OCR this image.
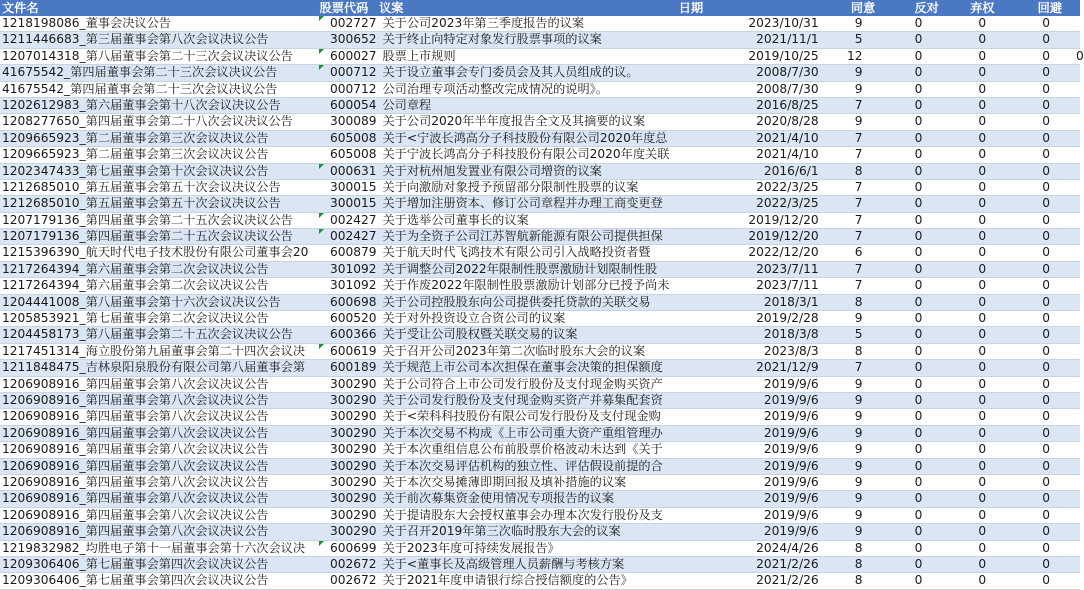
文件名	股票代码 议案	日期	同意	反对	弃权	回避
1218198086_董事会决议公告	002727 关于公司2023年第三季度报告的议案	2023/10/31	9	0	0	0
1211446683_第三届董事会第八次会议决议公告	300652 关于终止向特定对象发行股票事项的议案	2021/11/1	5	0	0	0
1207014318_第八届董事会第二十三次会议决议公告	600027 股票上市规则	2019/10/25	12	0	0	0	0
41675542_第四届董事会第二十三次会议决议公告	000712 关于设立董事会专门委员会及其人员组成的议。	2008/7/30	9	0	0	0
41675542_第四届董事会第二十三次会议决议公告	000712 公司治理专项活动整改完成情况的说明》。	2008/7/30	9	0	0	0
1202612983_第六届董事会第十八次会议决议公告	600054 公司章程	2016/8/25	7	0	0	0
1208277650_第四届董事会第二十八次会议决议公告	300089 关于公司2020年半年度报告全文及其摘要的议案	2020/8/28	9	0	0	0
1209665923_第二届董事会第三次会议决议公告	605008 关于<宁波长鸿高分子科技股份有限公司2020年度总	2021/4/10	7	0	0	0
1209665923_第二届董事会第三次会议决议公告	605008 关于宁波长鸿高分子科技股份有限公司2020年度关联	2021/4/10	7	0	0	0
1202347433_第七届董事会第十次会议决议公告	000631 关于对杭州旭发置业有限公司增资的议案	2016/6/1	8	0	0	0
1212685010_第五届董事会第五十次会议决议公告	300015 关于向激励对象授予预留部分限制性股票的议案	2022/3/25	7	0	0	0
1212685010_第五届董事会第五十次会议决议公告	300015 关于增加注册资本、修订公司章程并办理工商变更登	2022/3/25	7	0	0	0
1207179136_第四届董事会第二十五次会议决议公告	002427 关于选举公司董事长的议案	2019/12/20	7	0	0	0
1207179136_第四届董事会第二十五次会议决议公告	002427 关于为全资子公司江苏智航新能源有限公司提供担保	2019/12/20	7	0	0	0
1215396390_航天时代电子技术股份有限公司董事会20	600879 关于航天时代飞鸿技术有限公司引入战略投资者暨	2022/12/20	6	0	0	0
1217264394_第六届董事会第二次会议决议公告	301092 关于调整公司2022年限制性股票激励计划限制性股	2023/7/11	7	0	0	0
1217264394_第六届董事会第二次会议决议公告	301092 关于作废2022年限制性股票激励计划部分已授予尚未	2023/7/11	7	0	0	0
1204441008_第八届董事会第十六次会议决议公告	600698 关于公司控股股东向公司提供委托贷款的关联交易	2018/3/1	8	0	0	0
1205853921_第七届董事会第二次会议决议公告	600520 关于对外投资设立合资公司的议案	2019/2/28	9	0	0	0
1204458173_第八届董事会第二十五次会议决议公告	600366 关于受让公司股权暨关联交易的议案	2018/3/8	5	0	0	0
1217451314_海立股份第九届董事会第二十四次会议决	600619 关于召开公司2023年第二次临时股东大会的议案	2023/8/3	8	0	0	0
1211848475_吉林泉阳泉股份有限公司第八届董事会第	600189 关于规范上市公司本次担保在董事会决策的担保额度	2021/12/9	7	0	0	0
1206908916_第四届董事会第八次会议决议公告	300290 关于公司符合上市公司发行股份及支付现金购买资产	2019/9/6	9	0	0	0
1206908916_第四届董事会第八次会议决议公告	300290 关于公司发行股份及支付现金购买资产并募集配套资	2019/9/6	9	0	0	0
1206908916_第四届董事会第八次会议决议公告	300290 关于<荣科科技股份有限公司发行股份及支付现金购	2019/9/6	9	0	0	0
1206908916_第四届董事会第八次会议决议公告	300290 关于本次交易不构成《上市公司重大资产重组管理办	2019/9/6	9	0	0	0
1206908916_第四届董事会第八次会议决议公告	300290 关于本次重组信息公布前股票价格波动未达到《关于	2019/9/6	9	0	0	0
1206908916_第四届董事会第八次会议决议公告	300290 关于本次交易评估机构的独立性、评估假设前提的合	2019/9/6	9	0	0	0
1206908916_第四届董事会第八次会议决议公告	300290 关于本次交易摊薄即期回报及填补措施的议案	2019/9/6	9	0	0	0
1206908916_第四届董事会第八次会议决议公告	300290 关于前次募集资金使用情况专项报告的议案	2019/9/6	9	0	0	0
1206908916_第四届董事会第八次会议决议公告	300290 关于提请股东大会授权董事会办理本次发行股份及支	2019/9/6	9	0	0	0
1206908916_第四届董事会第八次会议决议公告	300290 关于召开2019年第三次临时股东大会的议案	2019/9/6	9	0	0	0
1219832982_均胜电子第十一届董事会第十六次会议决	600699 关于2023年度可持续发展报告》	2024/4/26	8	0	0	0
1209306406_第七届董事会第四次会议决议公告	002672 关于<董事长及高级管理人员薪酬与考核方案	2021/2/26	8	0	0	0
1209306406_第七届董事会第四次会议决议公告	002672 关于2021年度申请银行综合授信额度的公告》	2021/2/26	8	0	0	0
